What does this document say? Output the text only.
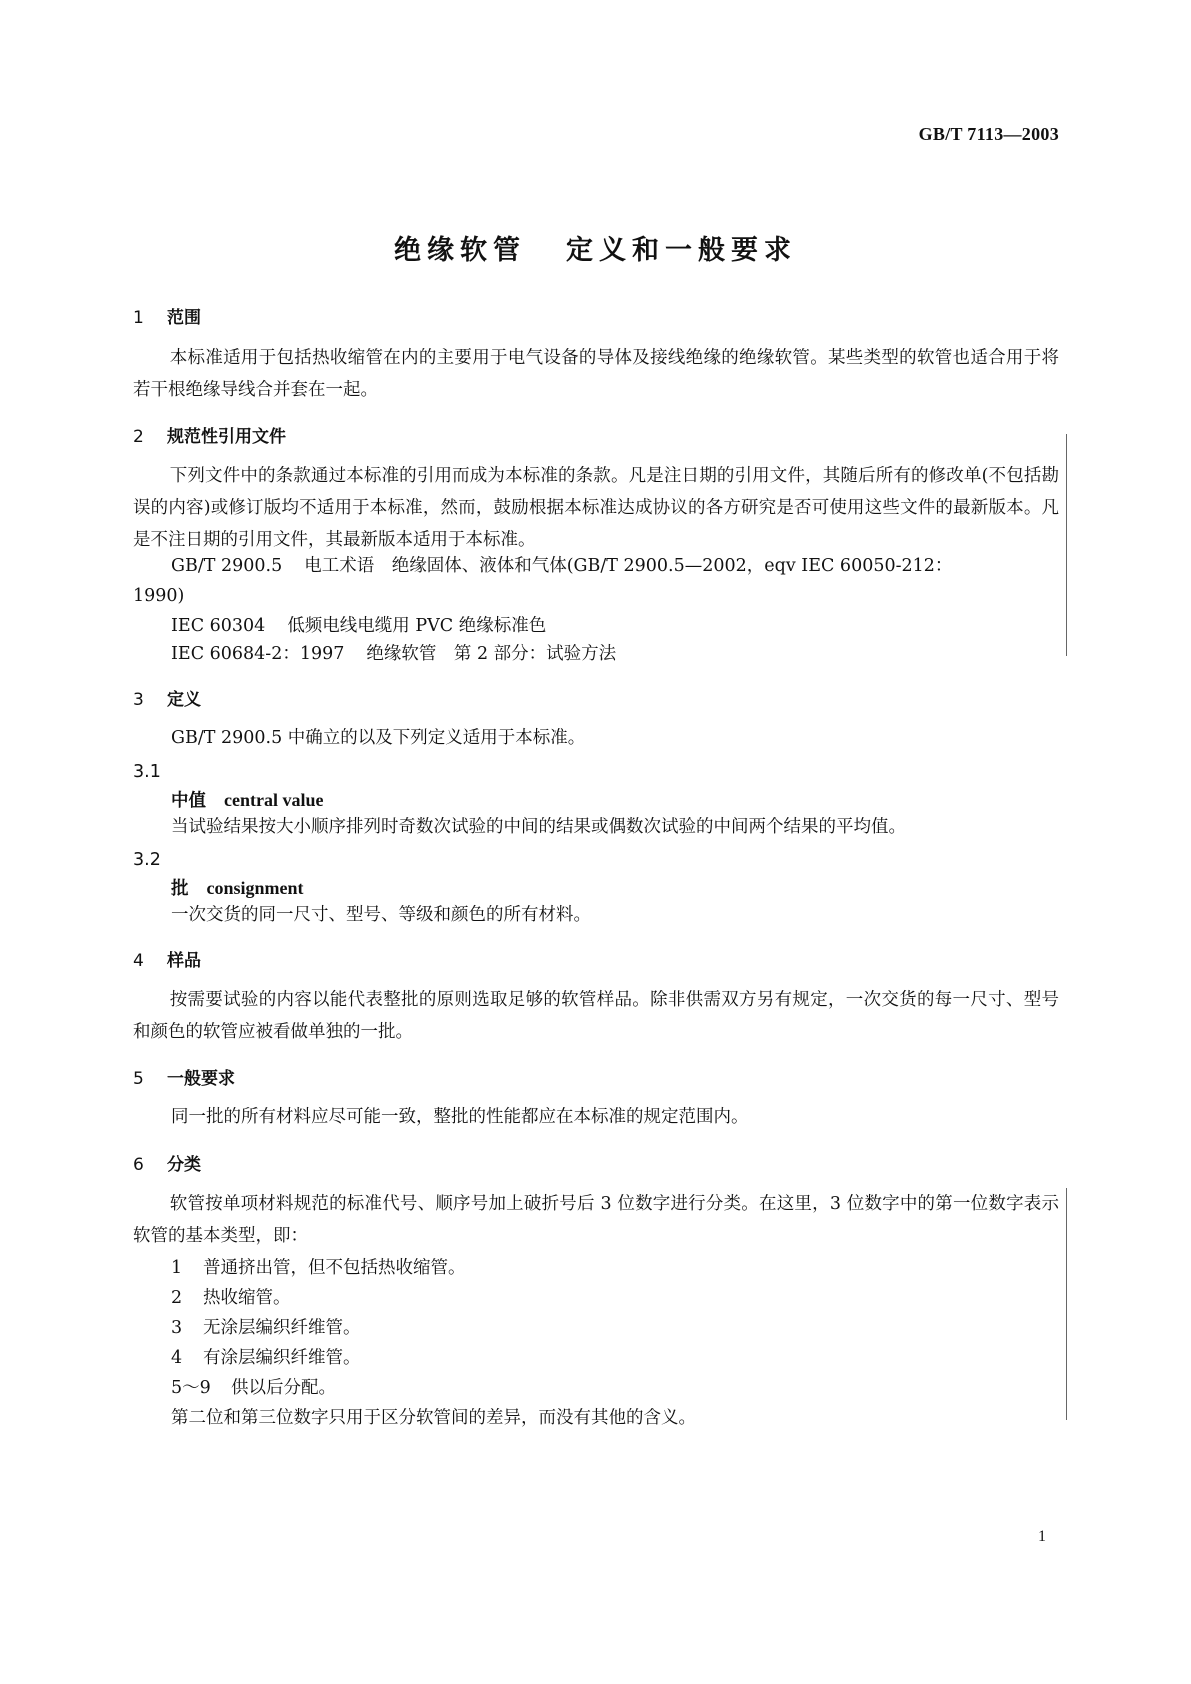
GB/T 7113—2003
绝缘软管 定义和一般要求
1 范围

本标准适用于包括热收缩管在内的主要用于电气设备的导体及接线绝缘的绝缘软管。某些类型的软管也适合用于将若干根绝缘导线合并套在一起。

2 规范性引用文件

下列文件中的条款通过本标准的引用而成为本标准的条款。凡是注日期的引用文件，其随后所有的修改单(不包括勘误的内容)或修订版均不适用于本标准，然而，鼓励根据本标准达成协议的各方研究是否可使用这些文件的最新版本。凡是不注日期的引用文件，其最新版本适用于本标准。

GB/T 2900.5 电工术语　绝缘固体、液体和气体(GB/T 2900.5—2002，eqv IEC 60050-212：

1990)

IEC 60304 低频电线电缆用 PVC 绝缘标准色

IEC 60684-2：1997 绝缘软管　第 2 部分：试验方法

3 定义

GB/T 2900.5 中确立的以及下列定义适用于本标准。

3.1

中值 central value

当试验结果按大小顺序排列时奇数次试验的中间的结果或偶数次试验的中间两个结果的平均值。

3.2

批 consignment

一次交货的同一尺寸、型号、等级和颜色的所有材料。

4 样品

按需要试验的内容以能代表整批的原则选取足够的软管样品。除非供需双方另有规定，一次交货的每一尺寸、型号和颜色的软管应被看做单独的一批。

5 一般要求

同一批的所有材料应尽可能一致，整批的性能都应在本标准的规定范围内。

6 分类

软管按单项材料规范的标准代号、顺序号加上破折号后 3 位数字进行分类。在这里，3 位数字中的第一位数字表示软管的基本类型，即：

1 普通挤出管，但不包括热收缩管。

2 热收缩管。

3 无涂层编织纤维管。

4 有涂层编织纤维管。

5～9 供以后分配。

第二位和第三位数字只用于区分软管间的差异，而没有其他的含义。

1
